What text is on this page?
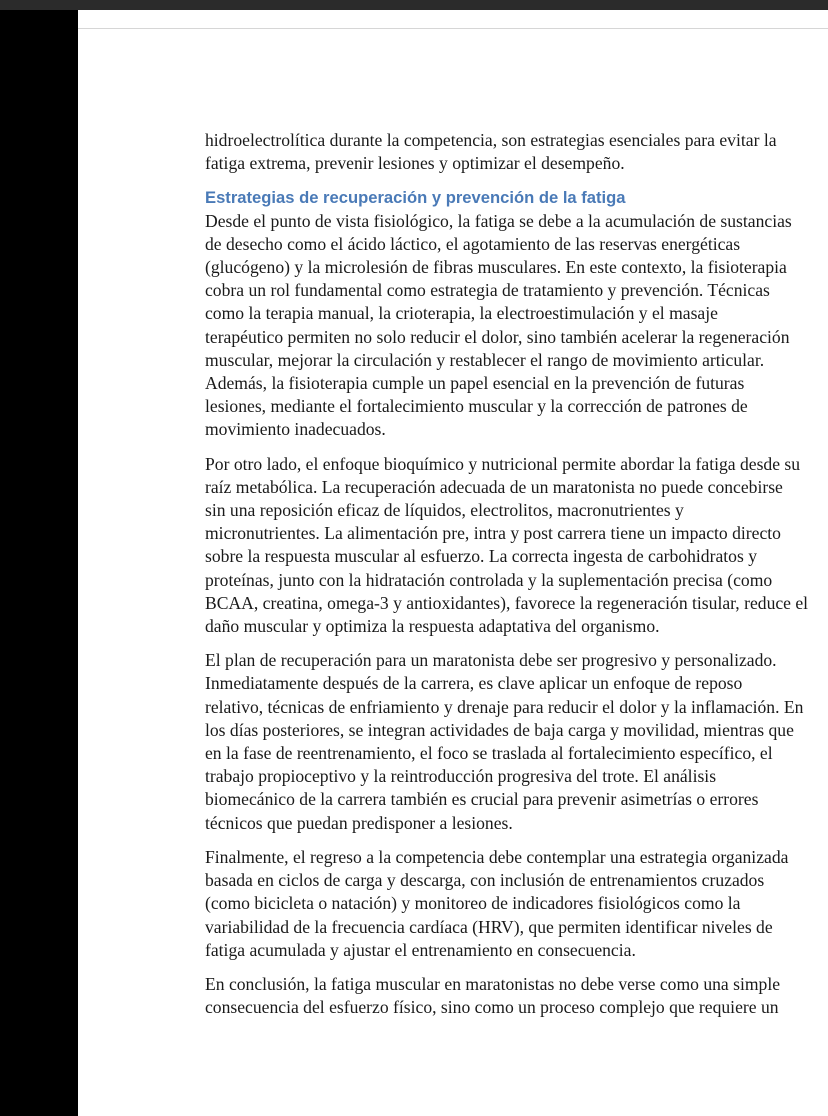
hidroelectrolítica durante la competencia, son estrategias esenciales para evitar la
fatiga extrema, prevenir lesiones y optimizar el desempeño.

Estrategias de recuperación y prevención de la fatiga

Desde el punto de vista fisiológico, la fatiga se debe a la acumulación de sustancias
de desecho como el ácido láctico, el agotamiento de las reservas energéticas
(glucógeno) y la microlesión de fibras musculares. En este contexto, la fisioterapia
cobra un rol fundamental como estrategia de tratamiento y prevención. Técnicas
como la terapia manual, la crioterapia, la electroestimulación y el masaje
terapéutico permiten no solo reducir el dolor, sino también acelerar la regeneración
muscular, mejorar la circulación y restablecer el rango de movimiento articular.
Además, la fisioterapia cumple un papel esencial en la prevención de futuras
lesiones, mediante el fortalecimiento muscular y la corrección de patrones de
movimiento inadecuados.

Por otro lado, el enfoque bioquímico y nutricional permite abordar la fatiga desde su
raíz metabólica. La recuperación adecuada de un maratonista no puede concebirse
sin una reposición eficaz de líquidos, electrolitos, macronutrientes y
micronutrientes. La alimentación pre, intra y post carrera tiene un impacto directo
sobre la respuesta muscular al esfuerzo. La correcta ingesta de carbohidratos y
proteínas, junto con la hidratación controlada y la suplementación precisa (como
BCAA, creatina, omega-3 y antioxidantes), favorece la regeneración tisular, reduce el
daño muscular y optimiza la respuesta adaptativa del organismo.

El plan de recuperación para un maratonista debe ser progresivo y personalizado.
Inmediatamente después de la carrera, es clave aplicar un enfoque de reposo
relativo, técnicas de enfriamiento y drenaje para reducir el dolor y la inflamación. En
los días posteriores, se integran actividades de baja carga y movilidad, mientras que
en la fase de reentrenamiento, el foco se traslada al fortalecimiento específico, el
trabajo propioceptivo y la reintroducción progresiva del trote. El análisis
biomecánico de la carrera también es crucial para prevenir asimetrías o errores
técnicos que puedan predisponer a lesiones.

Finalmente, el regreso a la competencia debe contemplar una estrategia organizada
basada en ciclos de carga y descarga, con inclusión de entrenamientos cruzados
(como bicicleta o natación) y monitoreo de indicadores fisiológicos como la
variabilidad de la frecuencia cardíaca (HRV), que permiten identificar niveles de
fatiga acumulada y ajustar el entrenamiento en consecuencia.

En conclusión, la fatiga muscular en maratonistas no debe verse como una simple
consecuencia del esfuerzo físico, sino como un proceso complejo que requiere un
